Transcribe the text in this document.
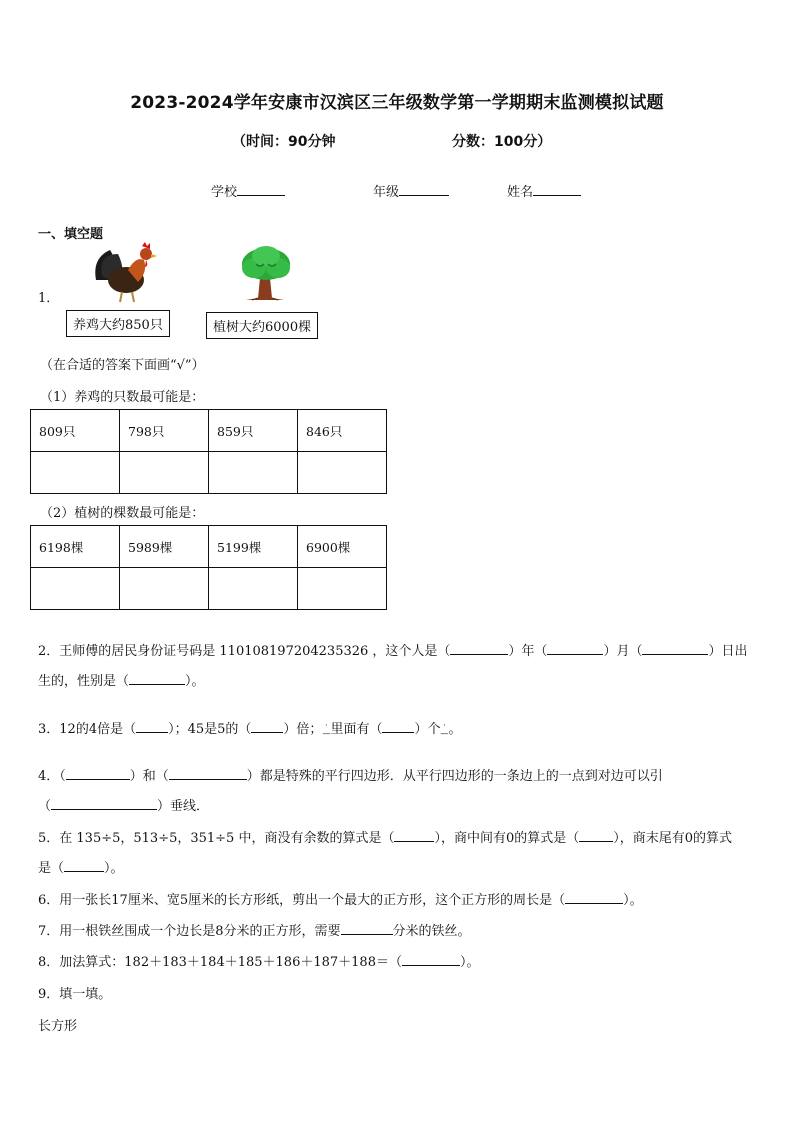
2023-2024学年安康市汉滨区三年级数学第一学期期末监测模拟试题
（时间：90分钟	分数：100分）
学校	年级	姓名
一、填空题
1．
养鸡大约850只	植树大约6000棵
（在合适的答案下面画“√”）
（1）养鸡的只数最可能是：
809只	798只	859只	846只

（2）植树的棵数最可能是：
6198棵	5989棵	5199棵	6900棵

2．王师傅的居民身份证号码是 110108197204235326 ，这个人是（	）年（	）月（	）日出
生的，性别是（	）。
3．12的4倍是（ ）；45是5的（ ）倍； ·
— 里面有（ ）个 ·
— 。
4．（	）和（	）都是特殊的平行四边形．从平行四边形的一条边上的一点到对边可以引
（	）垂线．
5．在 135÷5，513÷5，351÷5 中，商没有余数的算式是（	），商中间有0的算式是（	），商末尾有0的算式
是（	）。
6．用一张长17厘米、宽5厘米的长方形纸，剪出一个最大的正方形，这个正方形的周长是（	）。
7．用一根铁丝围成一个边长是8分米的正方形，需要	分米的铁丝。
8．加法算式：182＋183＋184＋185＋186＋187＋188＝（	）。
9．填一填。
长方形
